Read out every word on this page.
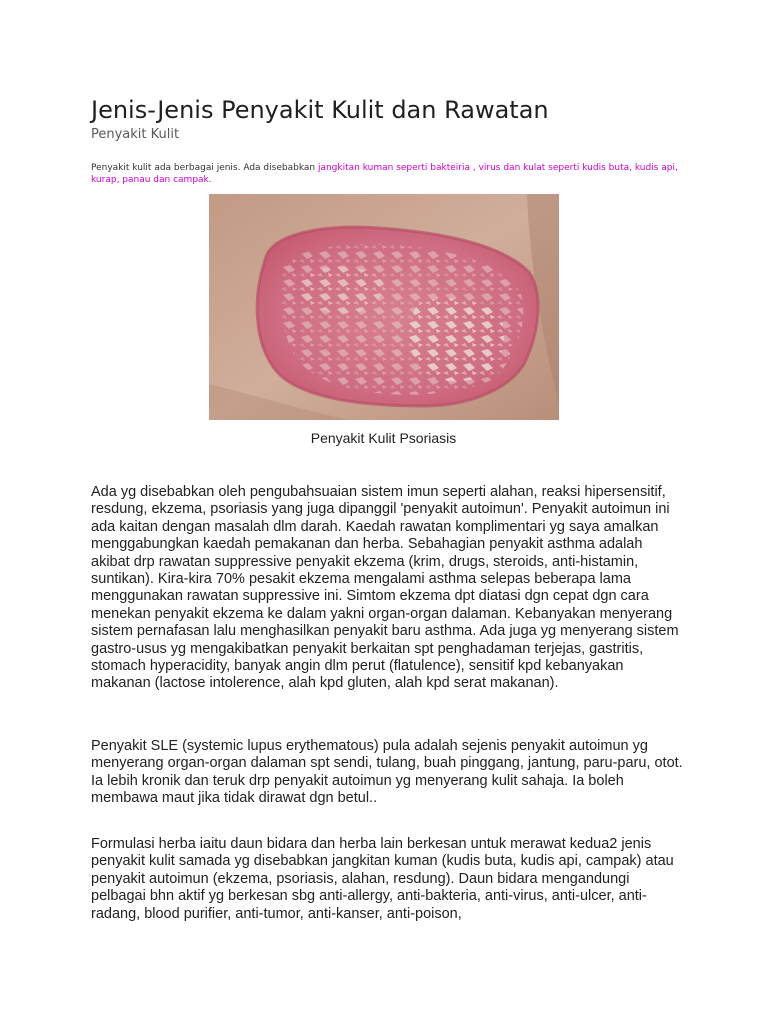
Jenis-Jenis Penyakit Kulit dan Rawatan

Penyakit Kulit

Penyakit kulit ada berbagai jenis. Ada disebabkan jangkitan kuman seperti bakteiria , virus dan kulat seperti kudis buta, kudis api, kurap, panau dan campak.

Penyakit Kulit Psoriasis

Ada yg disebabkan oleh pengubahsuaian sistem imun seperti alahan, reaksi hipersensitif, resdung, ekzema, psoriasis yang juga dipanggil 'penyakit autoimun'. Penyakit autoimun ini ada kaitan dengan masalah dlm darah. Kaedah rawatan komplimentari yg saya amalkan menggabungkan kaedah pemakanan dan herba. Sebahagian penyakit asthma adalah akibat drp rawatan suppressive penyakit ekzema (krim, drugs, steroids, anti-histamin, suntikan). Kira-kira 70% pesakit ekzema mengalami asthma selepas beberapa lama menggunakan rawatan suppressive ini. Simtom ekzema dpt diatasi dgn cepat dgn cara menekan penyakit ekzema ke dalam yakni organ-organ dalaman. Kebanyakan menyerang sistem pernafasan lalu menghasilkan penyakit baru asthma. Ada juga yg menyerang sistem gastro-usus yg mengakibatkan penyakit berkaitan spt penghadaman terjejas, gastritis, stomach hyperacidity, banyak angin dlm perut (flatulence), sensitif kpd kebanyakan makanan (lactose intolerence, alah kpd gluten, alah kpd serat makanan).

Penyakit SLE (systemic lupus erythematous) pula adalah sejenis penyakit autoimun yg menyerang organ-organ dalaman spt sendi, tulang, buah pinggang, jantung, paru-paru, otot. Ia lebih kronik dan teruk drp penyakit autoimun yg menyerang kulit sahaja. Ia boleh membawa maut jika tidak dirawat dgn betul..

Formulasi herba iaitu daun bidara dan herba lain berkesan untuk merawat kedua2 jenis penyakit kulit samada yg disebabkan jangkitan kuman (kudis buta, kudis api, campak) atau penyakit autoimun (ekzema, psoriasis, alahan, resdung). Daun bidara mengandungi pelbagai bhn aktif yg berkesan sbg anti-allergy, anti-bakteria, anti-virus, anti-ulcer, anti-radang, blood purifier, anti-tumor, anti-kanser, anti-poison,
